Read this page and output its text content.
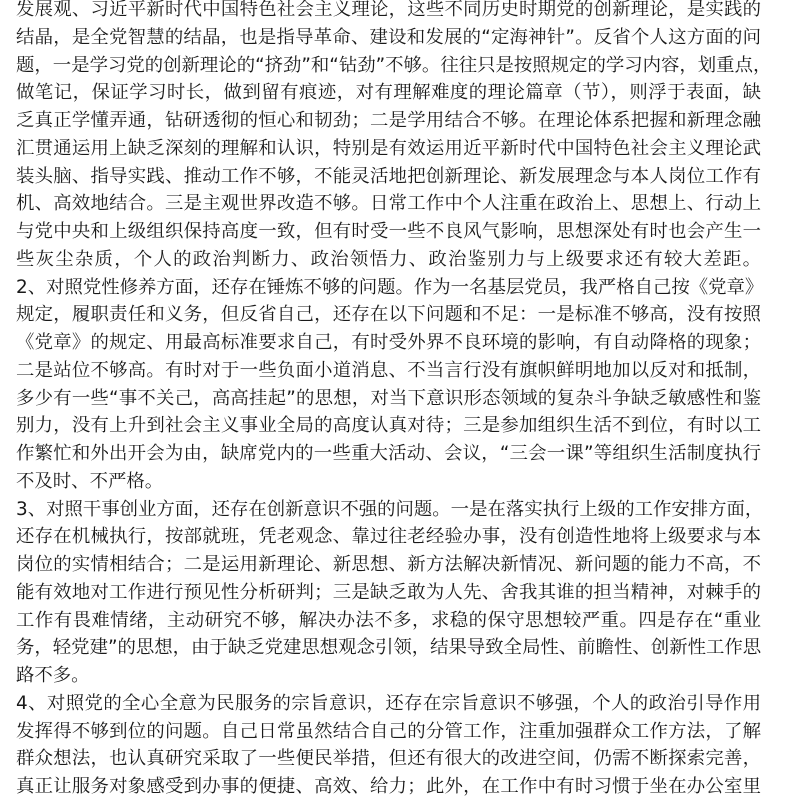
发展观、习近平新时代中国特色社会主义理论，这些不同历史时期党的创新理论，是实践的
结晶，是全党智慧的结晶，也是指导革命、建设和发展的“定海神针”。反省个人这方面的问
题，一是学习党的创新理论的“挤劲”和“钻劲”不够。往往只是按照规定的学习内容，划重点，
做笔记，保证学习时长，做到留有痕迹，对有理解难度的理论篇章（节），则浮于表面，缺
乏真正学懂弄通，钻研透彻的恒心和韧劲；二是学用结合不够。在理论体系把握和新理念融
汇贯通运用上缺乏深刻的理解和认识，特别是有效运用近平新时代中国特色社会主义理论武
装头脑、指导实践、推动工作不够，不能灵活地把创新理论、新发展理念与本人岗位工作有
机、高效地结合。三是主观世界改造不够。日常工作中个人注重在政治上、思想上、行动上
与党中央和上级组织保持高度一致，但有时受一些不良风气影响，思想深处有时也会产生一
些灰尘杂质，个人的政治判断力、政治领悟力、政治鉴别力与上级要求还有较大差距。
2、对照党性修养方面，还存在锤炼不够的问题。作为一名基层党员，我严格自己按《党章》
规定，履职责任和义务，但反省自己，还存在以下问题和不足：一是标准不够高，没有按照
《党章》的规定、用最高标准要求自己，有时受外界不良环境的影响，有自动降格的现象；
二是站位不够高。有时对于一些负面小道消息、不当言行没有旗帜鲜明地加以反对和抵制，
多少有一些“事不关己，高高挂起”的思想，对当下意识形态领域的复杂斗争缺乏敏感性和鉴
别力，没有上升到社会主义事业全局的高度认真对待；三是参加组织生活不到位，有时以工
作繁忙和外出开会为由，缺席党内的一些重大活动、会议，“三会一课”等组织生活制度执行
不及时、不严格。
3、对照干事创业方面，还存在创新意识不强的问题。一是在落实执行上级的工作安排方面，
还存在机械执行，按部就班，凭老观念、靠过往老经验办事，没有创造性地将上级要求与本
岗位的实情相结合；二是运用新理论、新思想、新方法解决新情况、新问题的能力不高，不
能有效地对工作进行预见性分析研判；三是缺乏敢为人先、舍我其谁的担当精神，对棘手的
工作有畏难情绪，主动研究不够，解决办法不多，求稳的保守思想较严重。四是存在“重业
务，轻党建”的思想，由于缺乏党建思想观念引领，结果导致全局性、前瞻性、创新性工作思
路不多。
4、对照党的全心全意为民服务的宗旨意识，还存在宗旨意识不够强，个人的政治引导作用
发挥得不够到位的问题。自己日常虽然结合自己的分管工作，注重加强群众工作方法，了解
群众想法，也认真研究采取了一些便民举措，但还有很大的改进空间，仍需不断探索完善，
真正让服务对象感受到办事的便捷、高效、给力；此外，在工作中有时习惯于坐在办公室里
